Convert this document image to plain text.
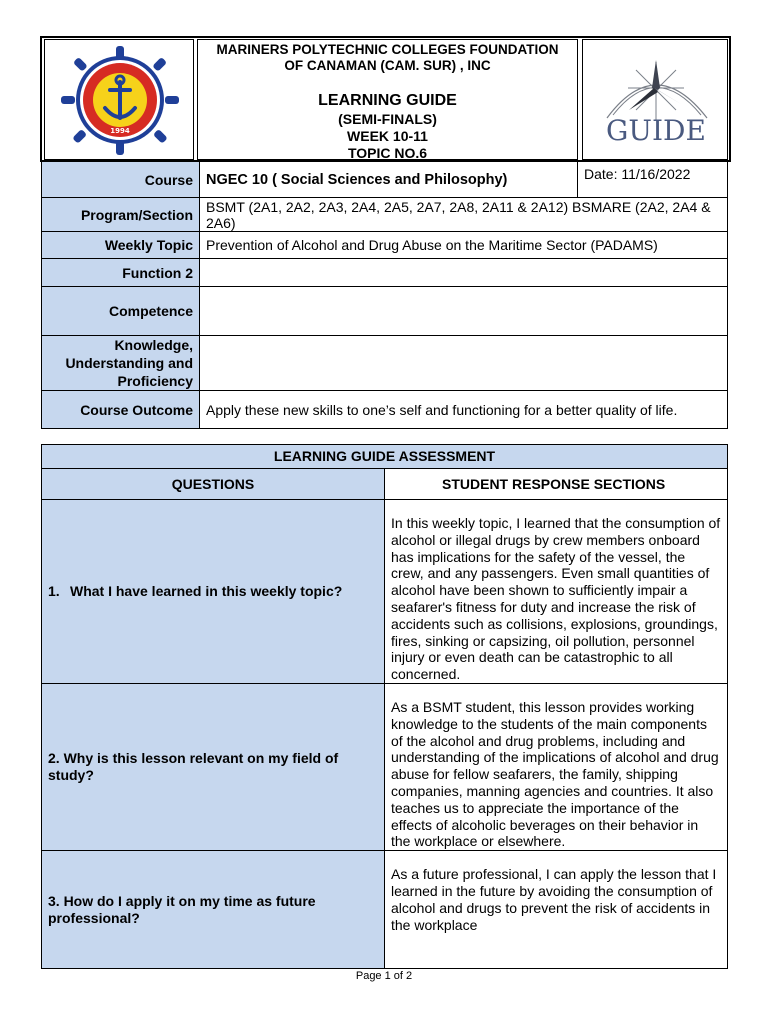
1994
MARINERS POLYTECHNIC COLLEGES FOUNDATION
OF CANAMAN (CAM. SUR) , INC
LEARNING GUIDE
(SEMI-FINALS)
WEEK 10-11
TOPIC NO.6
GUIDE
Course	NGEC 10 ( Social Sciences and Philosophy)	Date: 11/16/2022
Program/Section	BSMT (2A1, 2A2, 2A3, 2A4, 2A5, 2A7, 2A8, 2A11 & 2A12) BSMARE (2A2, 2A4 & 2A6)	
Weekly Topic	Prevention of Alcohol and Drug Abuse on the Maritime Sector (PADAMS)	
Function 2		
Competence		
Knowledge, Understanding and Proficiency		
Course Outcome	Apply these new skills to one’s self and functioning for a better quality of life.	
LEARNING GUIDE ASSESSMENT	
QUESTIONS	STUDENT RESPONSE SECTIONS

1. What I have learned in this weekly topic?	In this weekly topic, I learned that the consumption of alcohol or illegal drugs by crew members onboard has implications for the safety of the vessel, the crew, and any passengers. Even small quantities of alcohol have been shown to sufficiently impair a seafarer's fitness for duty and increase the risk of accidents such as collisions, explosions, groundings, fires, sinking or capsizing, oil pollution, personnel injury or even death can be catastrophic to all concerned.
2. Why is this lesson relevant on my field of study?	As a BSMT student, this lesson provides working knowledge to the students of the main components of the alcohol and drug problems, including and understanding of the implications of alcohol and drug abuse for fellow seafarers, the family, shipping companies, manning agencies and countries. It also teaches us to appreciate the importance of the effects of alcoholic beverages on their behavior in the workplace or elsewhere.
3. How do I apply it on my time as future professional?	As a future professional, I can apply the lesson that I learned in the future by avoiding the consumption of alcohol and drugs to prevent the risk of accidents in the workplace
Page 1 of 2
